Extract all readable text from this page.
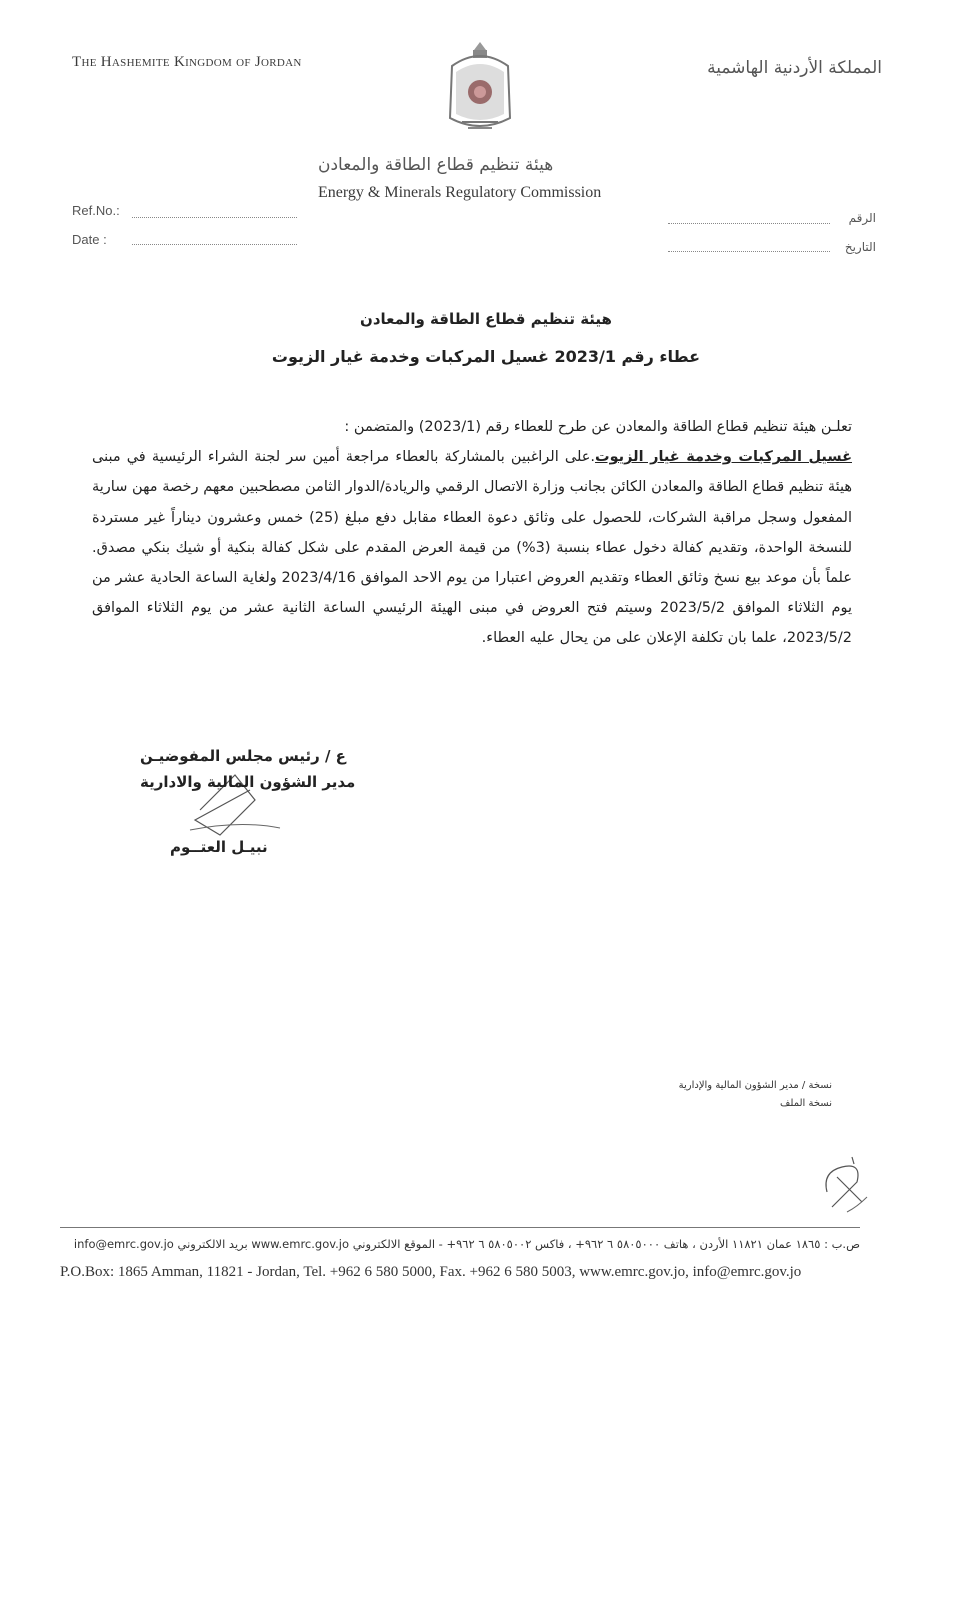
The Hashemite Kingdom of Jordan	المملكة الأردنية الهاشمية
هيئة تنظيم قطاع الطاقة والمعادن
Energy & Minerals Regulatory Commission
Ref.No.:
Date :
الرقم
التاريخ
هيئة تنظيم قطاع الطاقة والمعادن
عطاء رقم 2023/1 غسيل المركبات وخدمة غيار الزيوت
تعلـن هيئة تنظيم قطاع الطاقة والمعادن عن طرح للعطاء رقم (2023/1) والمتضمن :
غسيل المركبات وخدمة غيار الزيوت.على الراغبين بالمشاركة بالعطاء مراجعة أمين سر لجنة الشراء الرئيسية في مبنى هيئة تنظيم قطاع الطاقة والمعادن الكائن بجانب وزارة الاتصال الرقمي والريادة/الدوار الثامن مصطحبين معهم رخصة مهن سارية المفعول وسجل مراقبة الشركات، للحصول على وثائق دعوة العطاء مقابل دفع مبلغ (25) خمس وعشرون ديناراً غير مستردة للنسخة الواحدة، وتقديم كفالة دخول عطاء بنسبة (3%) من قيمة العرض المقدم على شكل كفالة بنكية أو شيك بنكي مصدق. علماً بأن موعد بيع نسخ وثائق العطاء وتقديم العروض اعتبارا من يوم الاحد الموافق 2023/4/16 ولغاية الساعة الحادية عشر من يوم الثلاثاء الموافق 2023/5/2 وسيتم فتح العروض في مبنى الهيئة الرئيسي الساعة الثانية عشر من يوم الثلاثاء الموافق 2023/5/2، علما بان تكلفة الإعلان على من يحال عليه العطاء.
ع / رئيس مجلس المفوضيـن
مدير الشؤون المالية والادارية
نبيـل العتــوم
نسخة / مدير الشؤون المالية والإدارية
نسخة الملف
ص.ب : ١٨٦٥ عمان ١١٨٢١ الأردن ، هاتف ٥٨٠٥٠٠٠ ٦ ٩٦٢+ ، فاكس ٥٨٠٥٠٠٢ ٦ ٩٦٢+ - الموقع الالكتروني www.emrc.gov.jo بريد الالكتروني info@emrc.gov.jo
P.O.Box: 1865 Amman, 11821 - Jordan, Tel. +962 6 580 5000, Fax. +962 6 580 5003, www.emrc.gov.jo, info@emrc.gov.jo
